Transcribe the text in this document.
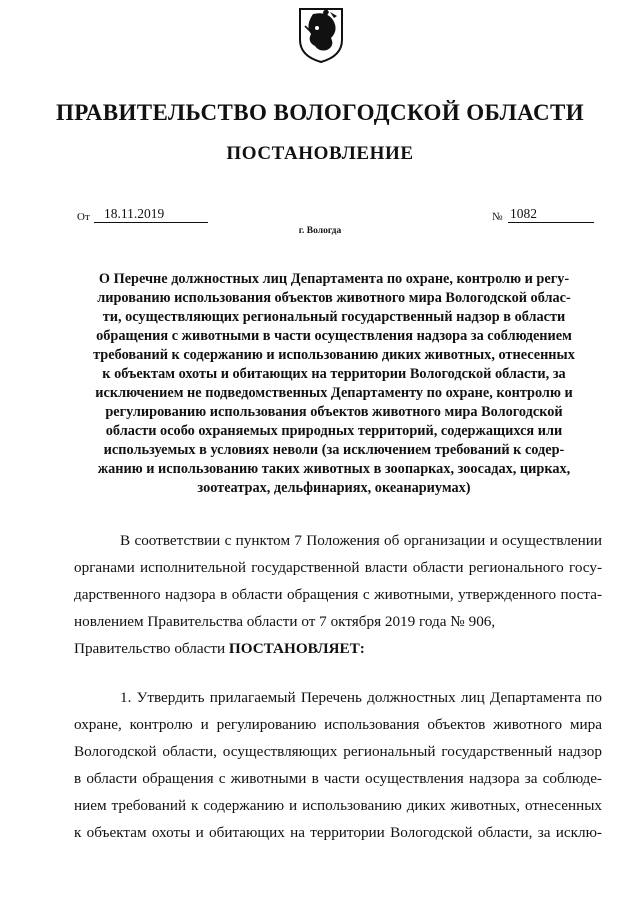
ПРАВИТЕЛЬСТВО ВОЛОГОДСКОЙ ОБЛАСТИ
ПОСТАНОВЛЕНИЕ
От	18.11.2019	№ 1082
г. Вологда
О Перечне должностных лиц Департамента по охране, контролю и регу-
лированию использования объектов животного мира Вологодской облас-
ти, осуществляющих региональный государственный надзор в области
обращения с животными в части осуществления надзора за соблюдением
требований к содержанию и использованию диких животных, отнесенных
к объектам охоты и обитающих на территории Вологодской области, за
исключением не подведомственных Департаменту по охране, контролю и
регулированию использования объектов животного мира Вологодской
области особо охраняемых природных территорий, содержащихся или
используемых в условиях неволи (за исключением требований к содер-
жанию и использованию таких животных в зоопарках, зоосадах, цирках,
зоотеатрах, дельфинариях, океанариумах)
В соответствии с пунктом 7 Положения об организации и осуществлении
органами исполнительной государственной власти области регионального госу-
дарственного надзора в области обращения с животными, утвержденного поста-
новлением Правительства области от 7 октября 2019 года № 906,
Правительство области ПОСТАНОВЛЯЕТ:
1. Утвердить прилагаемый Перечень должностных лиц Департамента по
охране, контролю и регулированию использования объектов животного мира
Вологодской области, осуществляющих региональный государственный надзор
в области обращения с животными в части осуществления надзора за соблюде-
нием требований к содержанию и использованию диких животных, отнесенных
к объектам охоты и обитающих на территории Вологодской области, за исклю-
